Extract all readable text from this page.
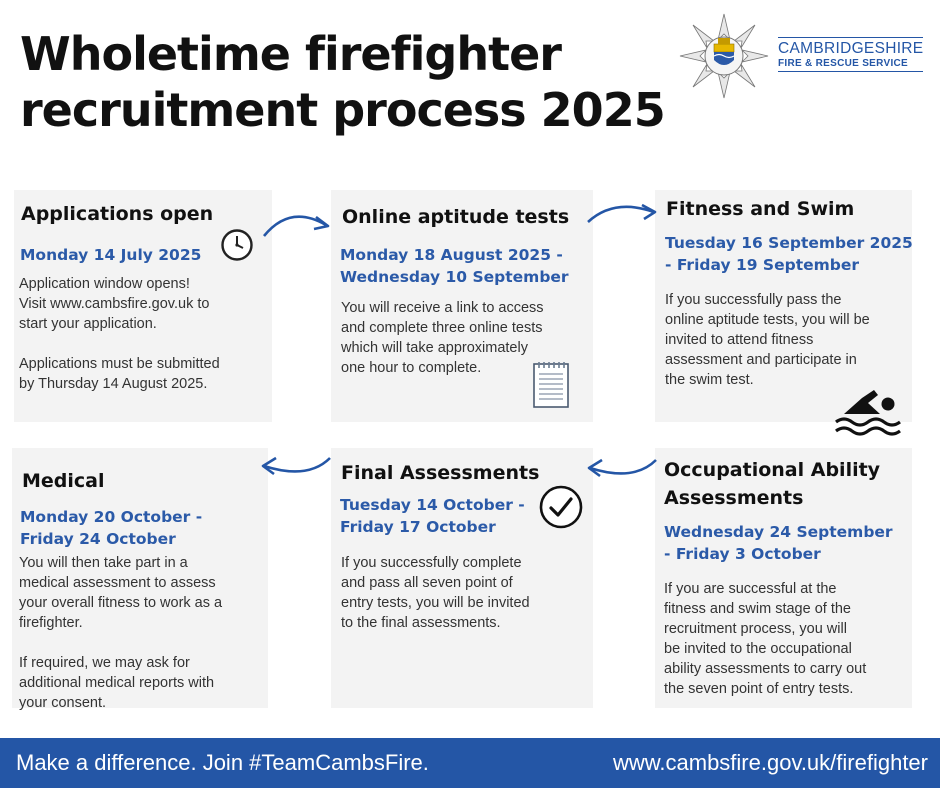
Wholetime firefighter
recruitment process 2025
CAMBRIDGESHIRE
FIRE & RESCUE SERVICE
Applications open

Monday 14 July 2025

Application window opens!
Visit www.cambsfire.gov.uk to
start your application.
Applications must be submitted
by Thursday 14 August 2025.

Online aptitude tests

Monday 18 August 2025 -
Wednesday 10 September

You will receive a link to access
and complete three online tests
which will take approximately
one hour to complete.

Fitness and Swim

Tuesday 16 September 2025
- Friday 19 September

If you successfully pass the
online aptitude tests, you will be
invited to attend fitness
assessment and participate in
the swim test.

Occupational Ability
Assessments

Wednesday 24 September
- Friday 3 October

If you are successful at the
fitness and swim stage of the
recruitment process, you will
be invited to the occupational
ability assessments to carry out
the seven point of entry tests.

Final Assessments

Tuesday 14 October -
Friday 17 October

If you successfully complete
and pass all seven point of
entry tests, you will be invited
to the final assessments.

Medical

Monday 20 October -
Friday 24 October

You will then take part in a
medical assessment to assess
your overall fitness to work as a
firefighter.
If required, we may ask for
additional medical reports with
your consent.

Make a difference. Join #TeamCambsFire.	www.cambsfire.gov.uk/firefighter
